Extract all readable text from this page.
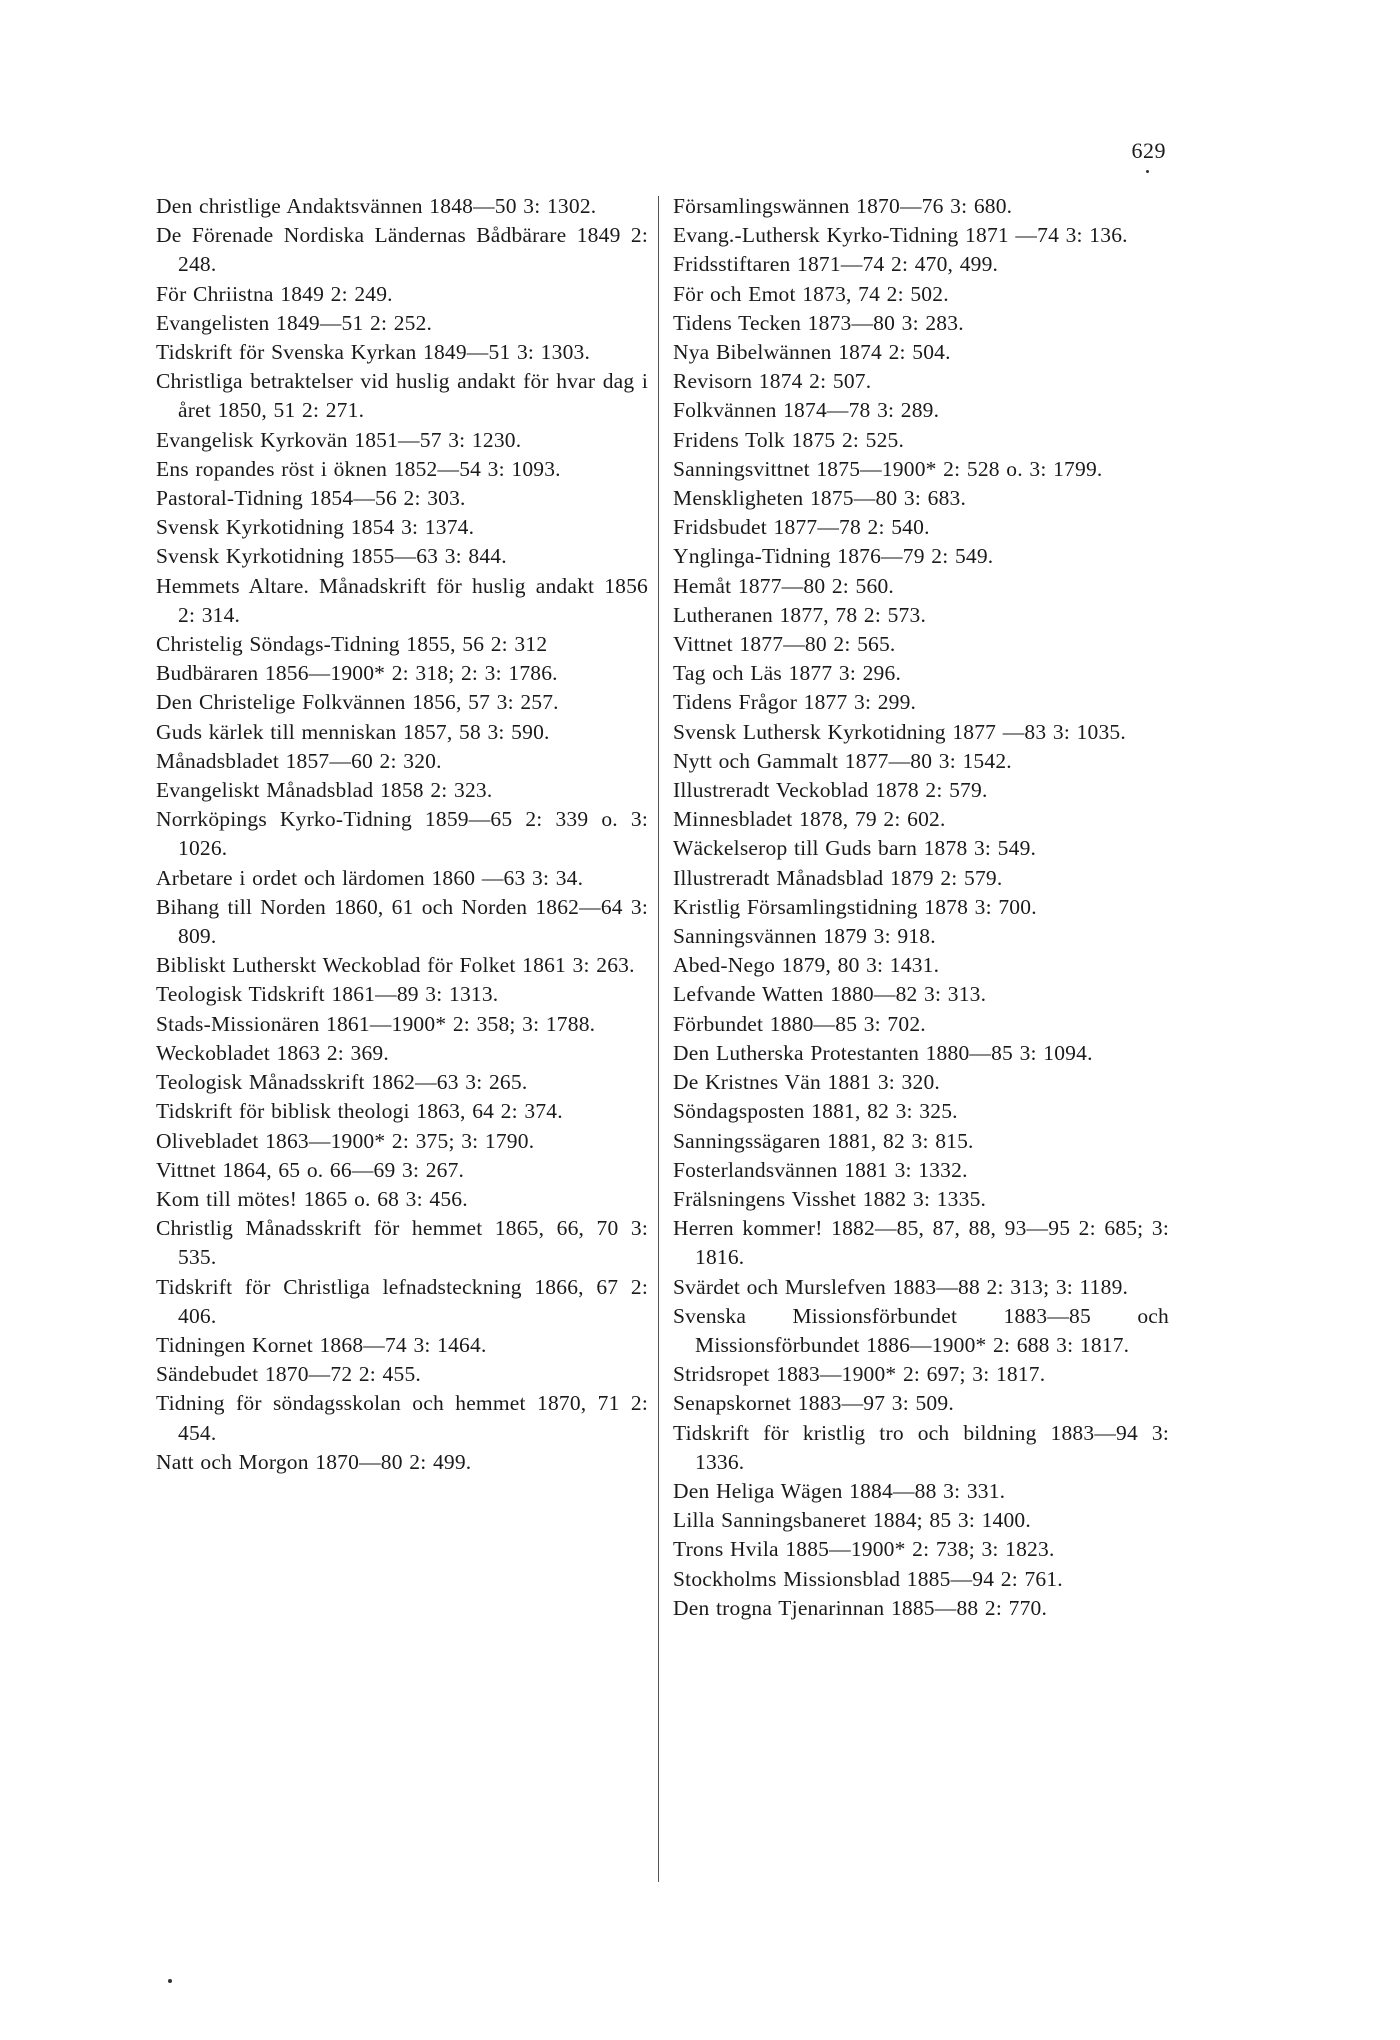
629
Den christlige Andaktsvännen 1848—50 3: 1302.
De Förenade Nordiska Ländernas Bådbärare 1849 2: 248.
För Chriistna 1849 2: 249.
Evangelisten 1849—51 2: 252.
Tidskrift för Svenska Kyrkan 1849—51 3: 1303.
Christliga betraktelser vid huslig andakt för hvar dag i året 1850, 51 2: 271.
Evangelisk Kyrkovän 1851—57 3: 1230.
Ens ropandes röst i öknen 1852—54 3: 1093.
Pastoral-Tidning 1854—56 2: 303.
Svensk Kyrkotidning 1854 3: 1374.
Svensk Kyrkotidning 1855—63 3: 844.
Hemmets Altare. Månadskrift för huslig andakt 1856 2: 314.
Christelig Söndags-Tidning 1855, 56 2: 312
Budbäraren 1856—1900* 2: 318; 2: 3: 1786.
Den Christelige Folkvännen 1856, 57 3: 257.
Guds kärlek till menniskan 1857, 58 3: 590.
Månadsbladet 1857—60 2: 320.
Evangeliskt Månadsblad 1858 2: 323.
Norrköpings Kyrko-Tidning 1859—65 2: 339 o. 3: 1026.
Arbetare i ordet och lärdomen 1860 —63 3: 34.
Bihang till Norden 1860, 61 och Norden 1862—64 3: 809.
Bibliskt Lutherskt Weckoblad för Folket 1861 3: 263.
Teologisk Tidskrift 1861—89 3: 1313.
Stads-Missionären 1861—1900* 2: 358; 3: 1788.
Weckobladet 1863 2: 369.
Teologisk Månadsskrift 1862—63 3: 265.
Tidskrift för biblisk theologi 1863, 64 2: 374.
Olivebladet 1863—1900* 2: 375; 3: 1790.
Vittnet 1864, 65 o. 66—69 3: 267.
Kom till mötes! 1865 o. 68 3: 456.
Christlig Månadsskrift för hemmet 1865, 66, 70 3: 535.
Tidskrift för Christliga lefnadsteckning 1866, 67 2: 406.
Tidningen Kornet 1868—74 3: 1464.
Sändebudet 1870—72 2: 455.
Tidning för söndagsskolan och hemmet 1870, 71 2: 454.
Natt och Morgon 1870—80 2: 499.
Församlingswännen 1870—76 3: 680.
Evang.-Luthersk Kyrko-Tidning 1871 —74 3: 136.
Fridsstiftaren 1871—74 2: 470, 499.
För och Emot 1873, 74 2: 502.
Tidens Tecken 1873—80 3: 283.
Nya Bibelwännen 1874 2: 504.
Revisorn 1874 2: 507.
Folkvännen 1874—78 3: 289.
Fridens Tolk 1875 2: 525.
Sanningsvittnet 1875—1900* 2: 528 o. 3: 1799.
Menskligheten 1875—80 3: 683.
Fridsbudet 1877—78 2: 540.
Ynglinga-Tidning 1876—79 2: 549.
Hemåt 1877—80 2: 560.
Lutheranen 1877, 78 2: 573.
Vittnet 1877—80 2: 565.
Tag och Läs 1877 3: 296.
Tidens Frågor 1877 3: 299.
Svensk Luthersk Kyrkotidning 1877 —83 3: 1035.
Nytt och Gammalt 1877—80 3: 1542.
Illustreradt Veckoblad 1878 2: 579.
Minnesbladet 1878, 79 2: 602.
Wäckelserop till Guds barn 1878 3: 549.
Illustreradt Månadsblad 1879 2: 579.
Kristlig Församlingstidning 1878 3: 700.
Sanningsvännen 1879 3: 918.
Abed-Nego 1879, 80 3: 1431.
Lefvande Watten 1880—82 3: 313.
Förbundet 1880—85 3: 702.
Den Lutherska Protestanten 1880—85 3: 1094.
De Kristnes Vän 1881 3: 320.
Söndagsposten 1881, 82 3: 325.
Sanningssägaren 1881, 82 3: 815.
Fosterlandsvännen 1881 3: 1332.
Frälsningens Visshet 1882 3: 1335.
Herren kommer! 1882—85, 87, 88, 93—95 2: 685; 3: 1816.
Svärdet och Murslefven 1883—88 2: 313; 3: 1189.
Svenska Missionsförbundet 1883—85 och Missionsförbundet 1886—1900* 2: 688 3: 1817.
Stridsropet 1883—1900* 2: 697; 3: 1817.
Senapskornet 1883—97 3: 509.
Tidskrift för kristlig tro och bildning 1883—94 3: 1336.
Den Heliga Wägen 1884—88 3: 331.
Lilla Sanningsbaneret 1884; 85 3: 1400.
Trons Hvila 1885—1900* 2: 738; 3: 1823.
Stockholms Missionsblad 1885—94 2: 761.
Den trogna Tjenarinnan 1885—88 2: 770.
